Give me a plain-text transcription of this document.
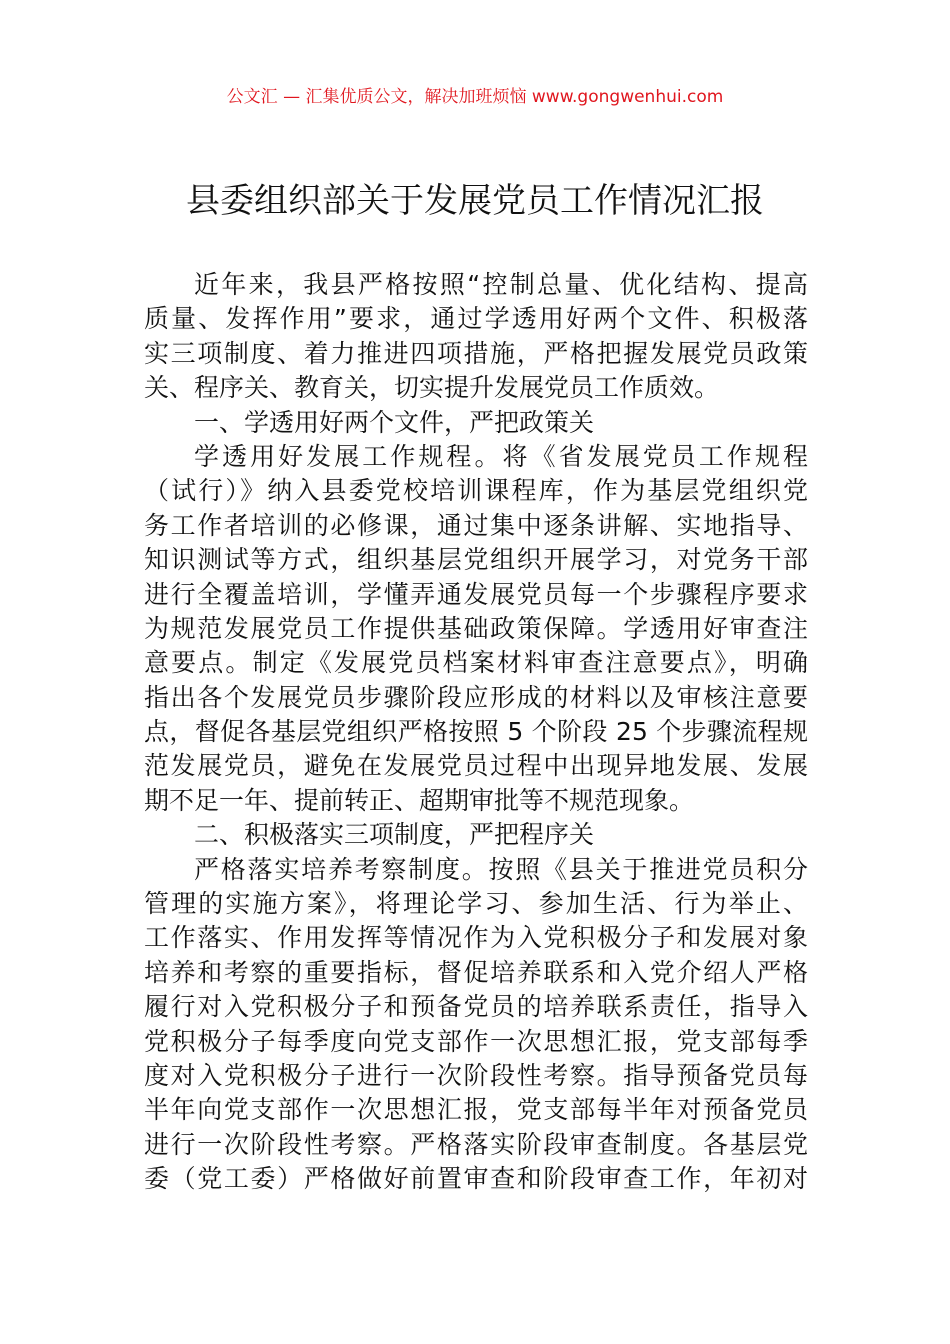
公文汇 — 汇集优质公文，解决加班烦恼 www.gongwenhui.com
县委组织部关于发展党员工作情况汇报
近年来，我县严格按照“控制总量、优化结构、提高
质量、发挥作用”要求，通过学透用好两个文件、积极落
实三项制度、着力推进四项措施，严格把握发展党员政策
关、程序关、教育关，切实提升发展党员工作质效。
一、学透用好两个文件，严把政策关
学透用好发展工作规程。将《省发展党员工作规程
（试行）》纳入县委党校培训课程库，作为基层党组织党
务工作者培训的必修课，通过集中逐条讲解、实地指导、
知识测试等方式，组织基层党组织开展学习，对党务干部
进行全覆盖培训，学懂弄通发展党员每一个步骤程序要求
为规范发展党员工作提供基础政策保障。学透用好审查注
意要点。制定《发展党员档案材料审查注意要点》，明确
指出各个发展党员步骤阶段应形成的材料以及审核注意要
点，督促各基层党组织严格按照 5 个阶段 25 个步骤流程规
范发展党员，避免在发展党员过程中出现异地发展、发展
期不足一年、提前转正、超期审批等不规范现象。
二、积极落实三项制度，严把程序关
严格落实培养考察制度。按照《县关于推进党员积分
管理的实施方案》，将理论学习、参加生活、行为举止、
工作落实、作用发挥等情况作为入党积极分子和发展对象
培养和考察的重要指标，督促培养联系和入党介绍人严格
履行对入党积极分子和预备党员的培养联系责任，指导入
党积极分子每季度向党支部作一次思想汇报，党支部每季
度对入党积极分子进行一次阶段性考察。指导预备党员每
半年向党支部作一次思想汇报，党支部每半年对预备党员
进行一次阶段性考察。严格落实阶段审查制度。各基层党
委（党工委）严格做好前置审查和阶段审查工作，年初对
